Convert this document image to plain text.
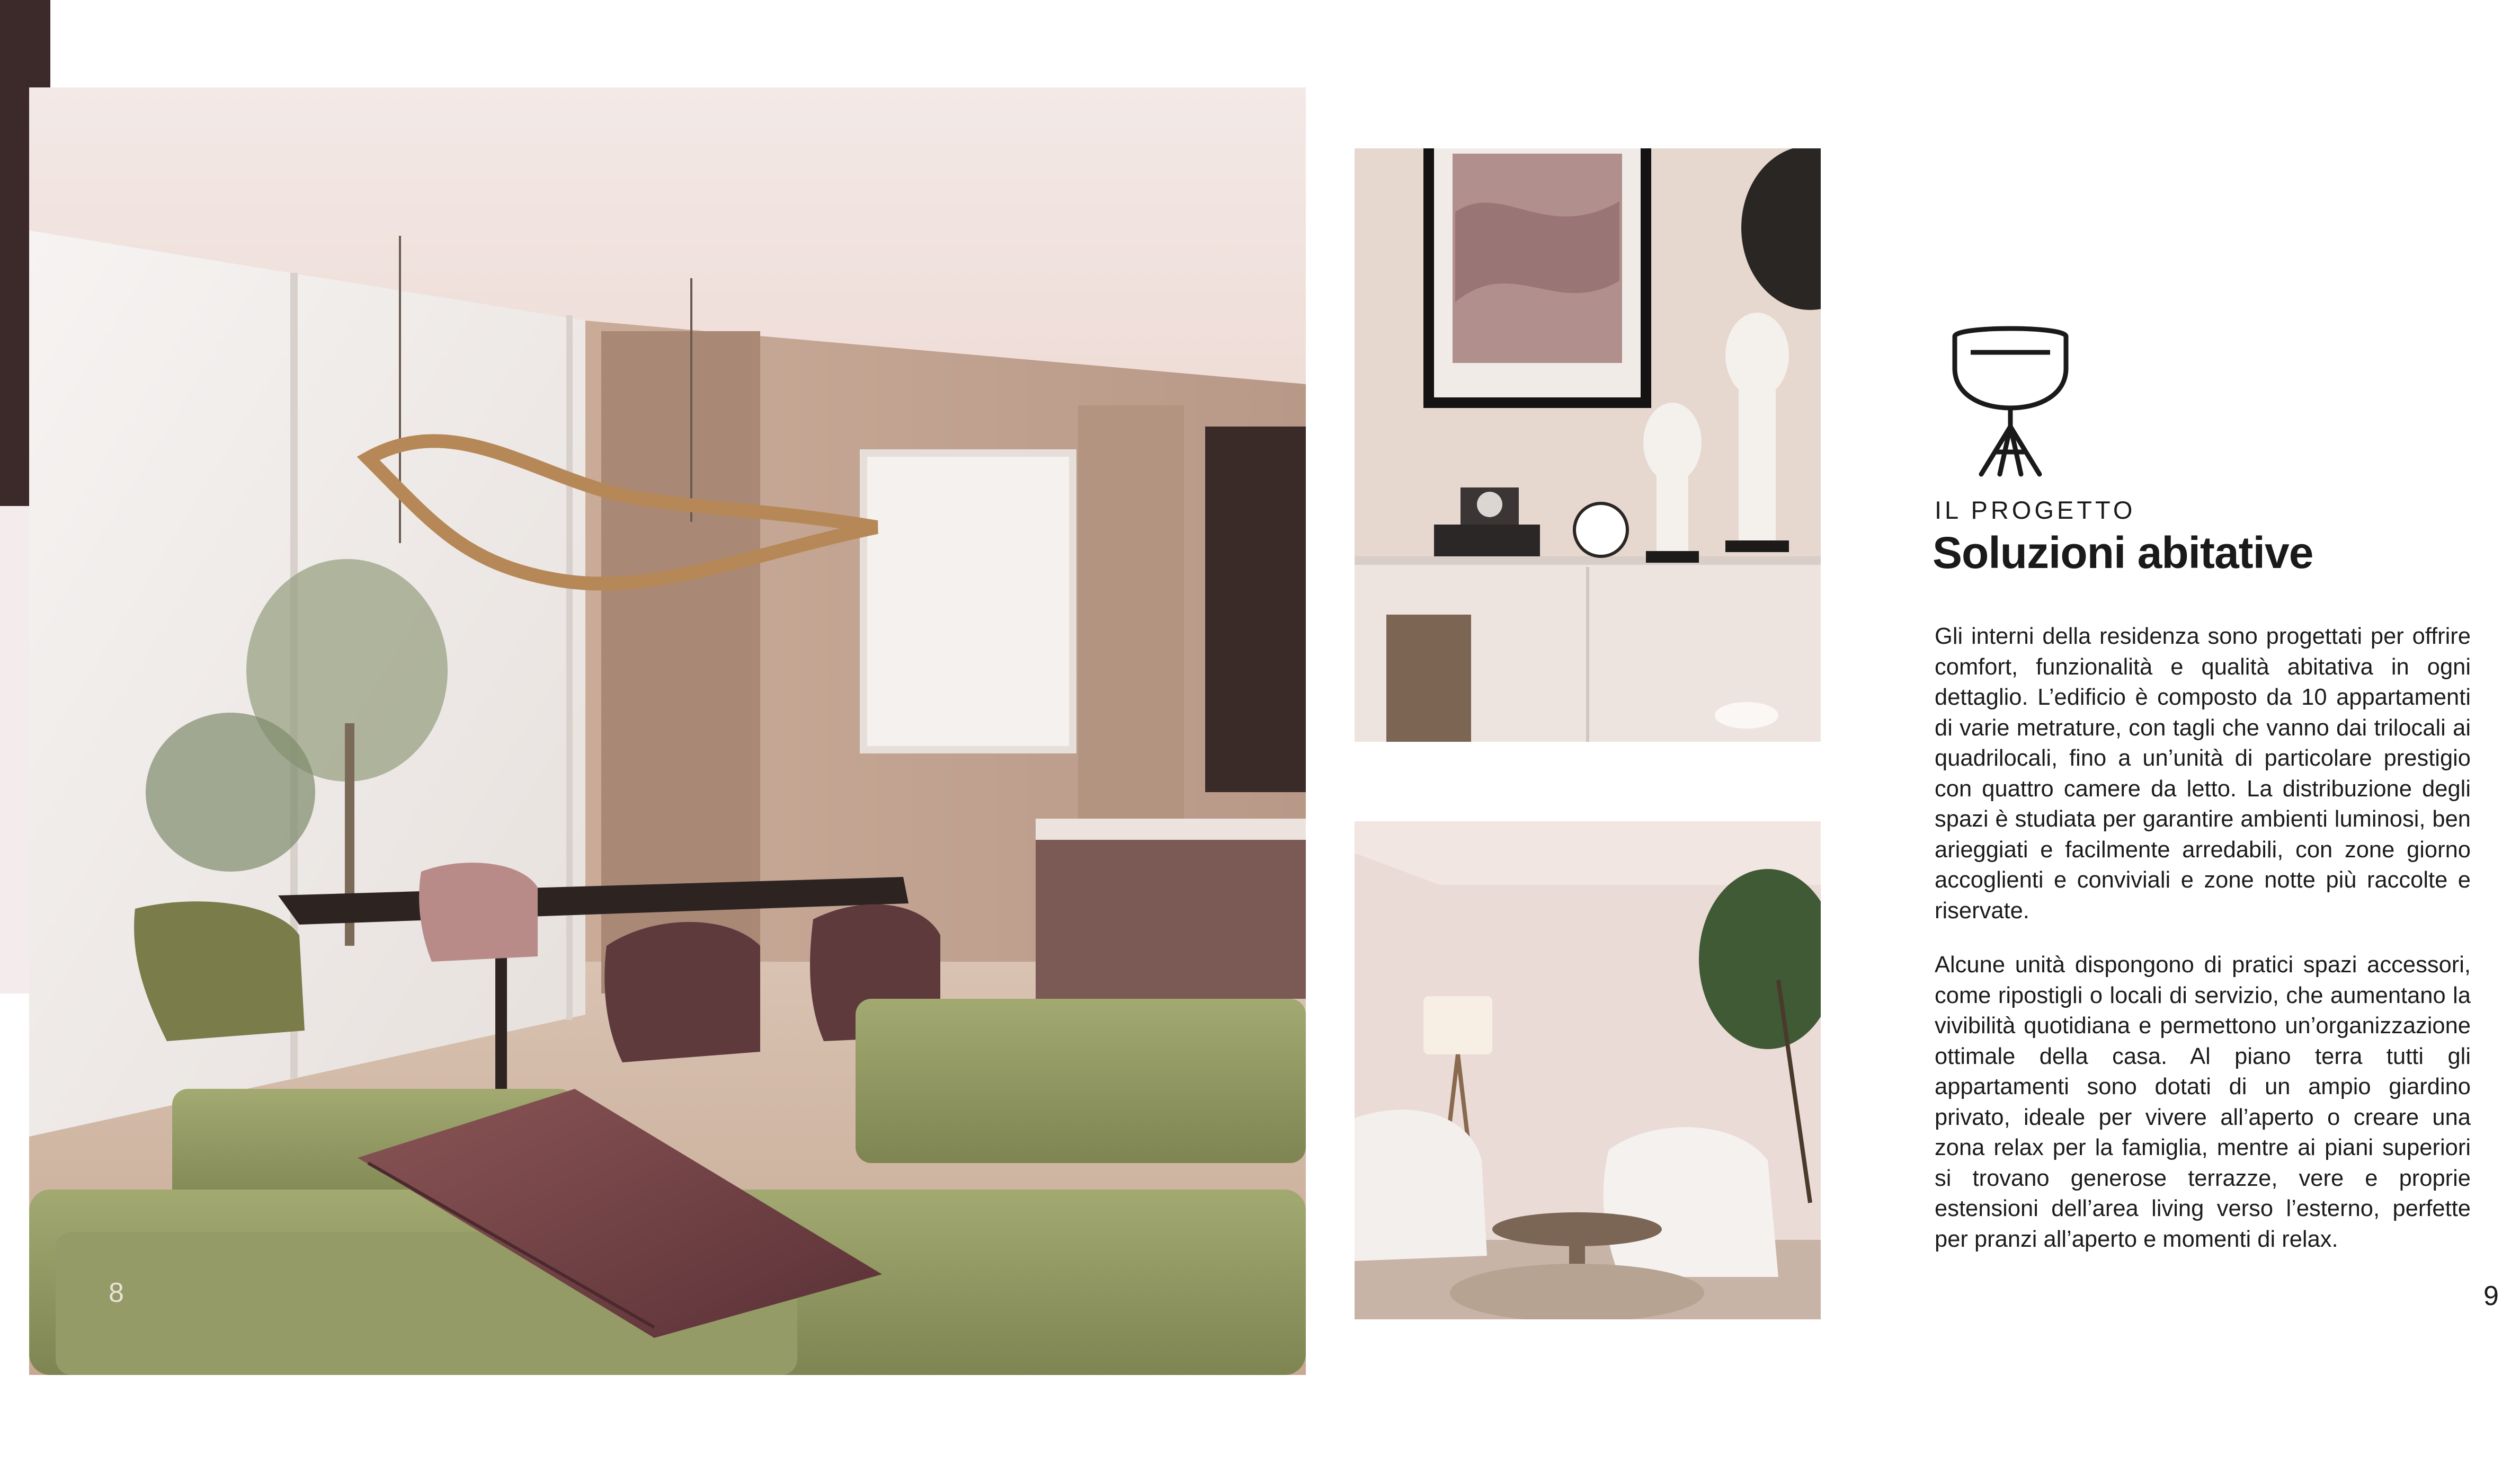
8
IL PROGETTO
Soluzioni abitative

Gli interni della residenza sono progettati per offrire comfort, funzionalità e qualità abitativa in ogni dettaglio. L’edificio è composto da 10 appartamenti di varie metrature, con tagli che vanno dai trilocali ai quadrilocali, fino a un’unità di particolare prestigio con quattro camere da letto. La distribuzione degli spazi è studiata per garantire ambienti luminosi, ben arieggiati e facilmente arredabili, con zone giorno accoglienti e conviviali e zone notte più raccolte e riservate.

Alcune unità dispongono di pratici spazi accessori, come ripostigli o locali di servizio, che aumentano la vivibilità quotidiana e permettono un’organizzazione ottimale della casa. Al piano terra tutti gli appartamenti sono dotati di un ampio giardino privato, ideale per vivere all’aperto o creare una zona relax per la famiglia, mentre ai piani superiori si trovano generose terrazze, vere e proprie estensioni dell’area living verso l’esterno, perfette per pranzi all’aperto e momenti di relax.

9
